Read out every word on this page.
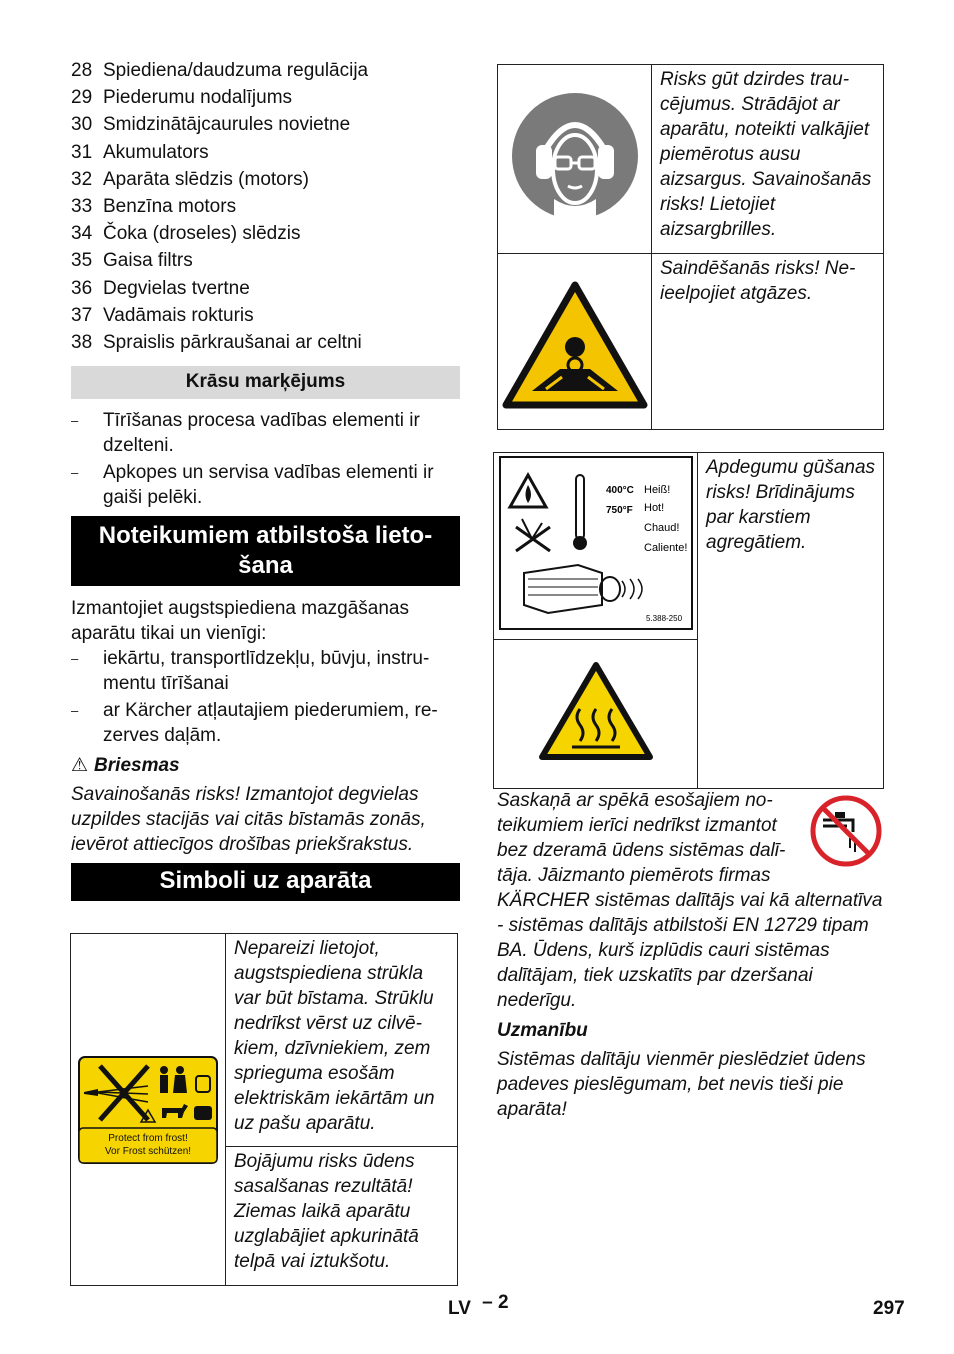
28 Spiediena/daudzuma regulācija
29 Piederumu nodalījums
30 Smidzinātājcaurules novietne
31 Akumulators
32 Aparāta slēdzis (motors)
33 Benzīna motors
34 Čoka (droseles) slēdzis
35 Gaisa filtrs
36 Degvielas tvertne
37 Vadāmais rokturis
38 Spraislis pārkraušanai ar celtni
Krāsu marķējums
–	Tīrīšanas procesa vadības elementi ir dzelteni.
–	Apkopes un servisa vadības elementi ir gaiši pelēki.
Noteikumiem atbilstoša lieto-
šana
Izmantojiet augstspiediena mazgāšanas aparātu tikai un vienīgi:
–	iekārtu, transportlīdzekļu, būvju, instrumentu tīrīšanai
–	ar Kärcher atļautajiem piederumiem, rezerves daļām.
⚠ Briesmas
Savainošanās risks! Izmantojot degvielas uzpildes stacijās vai citās bīstamās zonās, ievērot attiecīgos drošības priekšrakstus.
Simboli uz aparāta
Protect from frost!
Vor Frost schützen!
	Nepareizi lietojot, augstspiediena strūkla var būt bīstama. Strūklu nedrīkst vērst uz cilvēkiem, dzīvniekiem, zem sprieguma esošām elektriskām iekārtām un uz pašu aparātu.
Bojājumu risks ūdens sasalšanas rezultātā! Ziemas laikā aparātu uzglabājiet apkurinātā telpā vai iztukšotu.
	Risks gūt dzirdes traucējumus. Strādājot ar aparātu, noteikti valkājiet piemērotus ausu aizsargus. Savainošanās risks! Lietojiet aizsargbrilles.
	Saindēšanās risks! Neieelpojiet atgāzes.
400°C
750°F
Heiß!
Hot!
Chaud!
Caliente!
5.388-250
	Apdegumu gūšanas risks! Brīdinājums par karstiem agregātiem.

Saskaņā ar spēkā esošajiem noteikumiem ierīci nedrīkst izmantot bez dzeramā ūdens sistēmas dalītāja. Jāizmanto piemērots firmas KÄRCHER sistēmas dalītājs vai kā alternatīva - sistēmas dalītājs atbilstoši EN 12729 tipam BA. Ūdens, kurš izplūdis cauri sistēmas dalītājam, tiek uzskatīts par dzeršanai nederīgu.
Uzmanību
Sistēmas dalītāju vienmēr pieslēdziet ūdens padeves pieslēgumam, bet nevis tieši pie aparāta!
LV – 2	297
